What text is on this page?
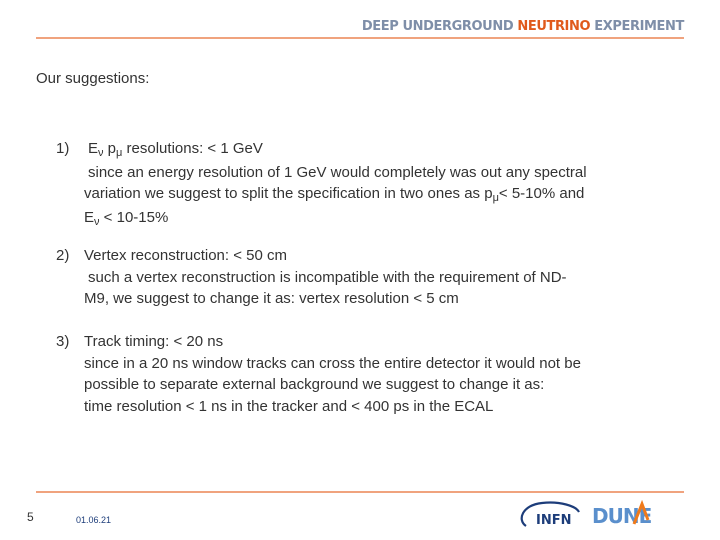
DEEP UNDERGROUND NEUTRINO EXPERIMENT
Our suggestions:
1) $E_\nu$ $p_\mu$ resolutions: < 1 GeV
since an energy resolution of 1 GeV would completely was out any spectral
variation we suggest to split the specification in two ones as $p_\mu< 5-10\%$ and
$E_\nu < 10-15\%$
2) Vertex reconstruction: < 50 cm
such a vertex reconstruction is incompatible with the requirement of ND-
M9, we suggest to change it as: vertex resolution < 5 cm
3) Track timing: < 20 ns
since in a 20 ns window tracks can cross the entire detector it would not be
possible to separate external background we suggest to change it as:
time resolution < 1 ns in the tracker and < 400 ps in the ECAL
5	01.06.21	INFN DUNE
